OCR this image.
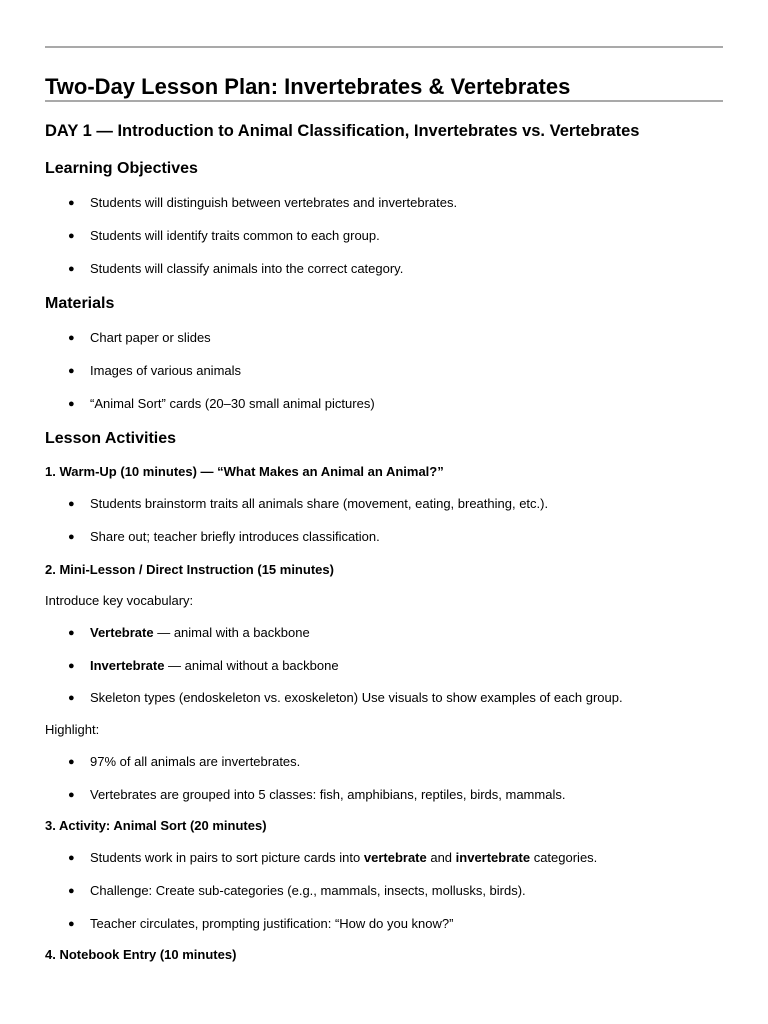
Two-Day Lesson Plan: Invertebrates & Vertebrates
DAY 1 — Introduction to Animal Classification, Invertebrates vs. Vertebrates
Learning Objectives
● Students will distinguish between vertebrates and invertebrates.
● Students will identify traits common to each group.
● Students will classify animals into the correct category.
Materials
● Chart paper or slides
● Images of various animals
● “Animal Sort” cards (20–30 small animal pictures)
Lesson Activities
1. Warm-Up (10 minutes) — “What Makes an Animal an Animal?”
● Students brainstorm traits all animals share (movement, eating, breathing, etc.).
● Share out; teacher briefly introduces classification.
2. Mini-Lesson / Direct Instruction (15 minutes)
Introduce key vocabulary:
● Vertebrate — animal with a backbone
● Invertebrate — animal without a backbone
● Skeleton types (endoskeleton vs. exoskeleton) Use visuals to show examples of each group.
Highlight:
● 97% of all animals are invertebrates.
● Vertebrates are grouped into 5 classes: fish, amphibians, reptiles, birds, mammals.
3. Activity: Animal Sort (20 minutes)
● Students work in pairs to sort picture cards into vertebrate and invertebrate categories.
● Challenge: Create sub-categories (e.g., mammals, insects, mollusks, birds).
● Teacher circulates, prompting justification: “How do you know?”
4. Notebook Entry (10 minutes)
